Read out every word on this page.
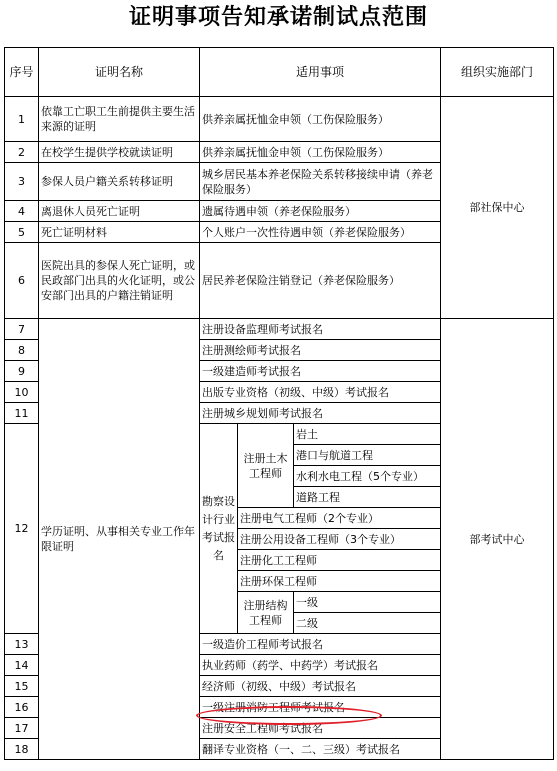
证明事项告知承诺制试点范围
序号	证明名称	适用事项			组织实施部门
1	依靠工亡职工生前提供主要生活来源的证明	供养亲属抚恤金申领（工伤保险服务）			部社保中心
2	在校学生提供学校就读证明	供养亲属抚恤金申领（工伤保险服务）			
3	参保人员户籍关系转移证明	城乡居民基本养老保险关系转移接续申请（养老保险服务）			
4	离退休人员死亡证明	遗属待遇申领（养老保险服务）			
5	死亡证明材料	个人账户一次性待遇申领（养老保险服务）			
6	医院出具的参保人死亡证明，或民政部门出具的火化证明，或公安部门出具的户籍注销证明	居民养老保险注销登记（养老保险服务）			
7	学历证明、从事相关专业工作年限证明	注册设备监理师考试报名			部考试中心
8		注册测绘师考试报名			
9		一级建造师考试报名			
10		出版专业资格（初级、中级）考试报名			
11		注册城乡规划师考试报名			
12		勘察设计行业考试报名	注册土木工程师	岩土	
				港口与航道工程	
				水利水电工程（5个专业）	
				道路工程	
			注册电气工程师（2个专业）		
			注册公用设备工程师（3个专业）		
			注册化工工程师		
			注册环保工程师		
			注册结构工程师	一级	
				二级	
13		一级造价工程师考试报名			
14		执业药师（药学、中药学）考试报名			
15		经济师（初级、中级）考试报名			
16		一级注册消防工程师考试报名			
17		注册安全工程师考试报名			
18		翻译专业资格（一、二、三级）考试报名			
